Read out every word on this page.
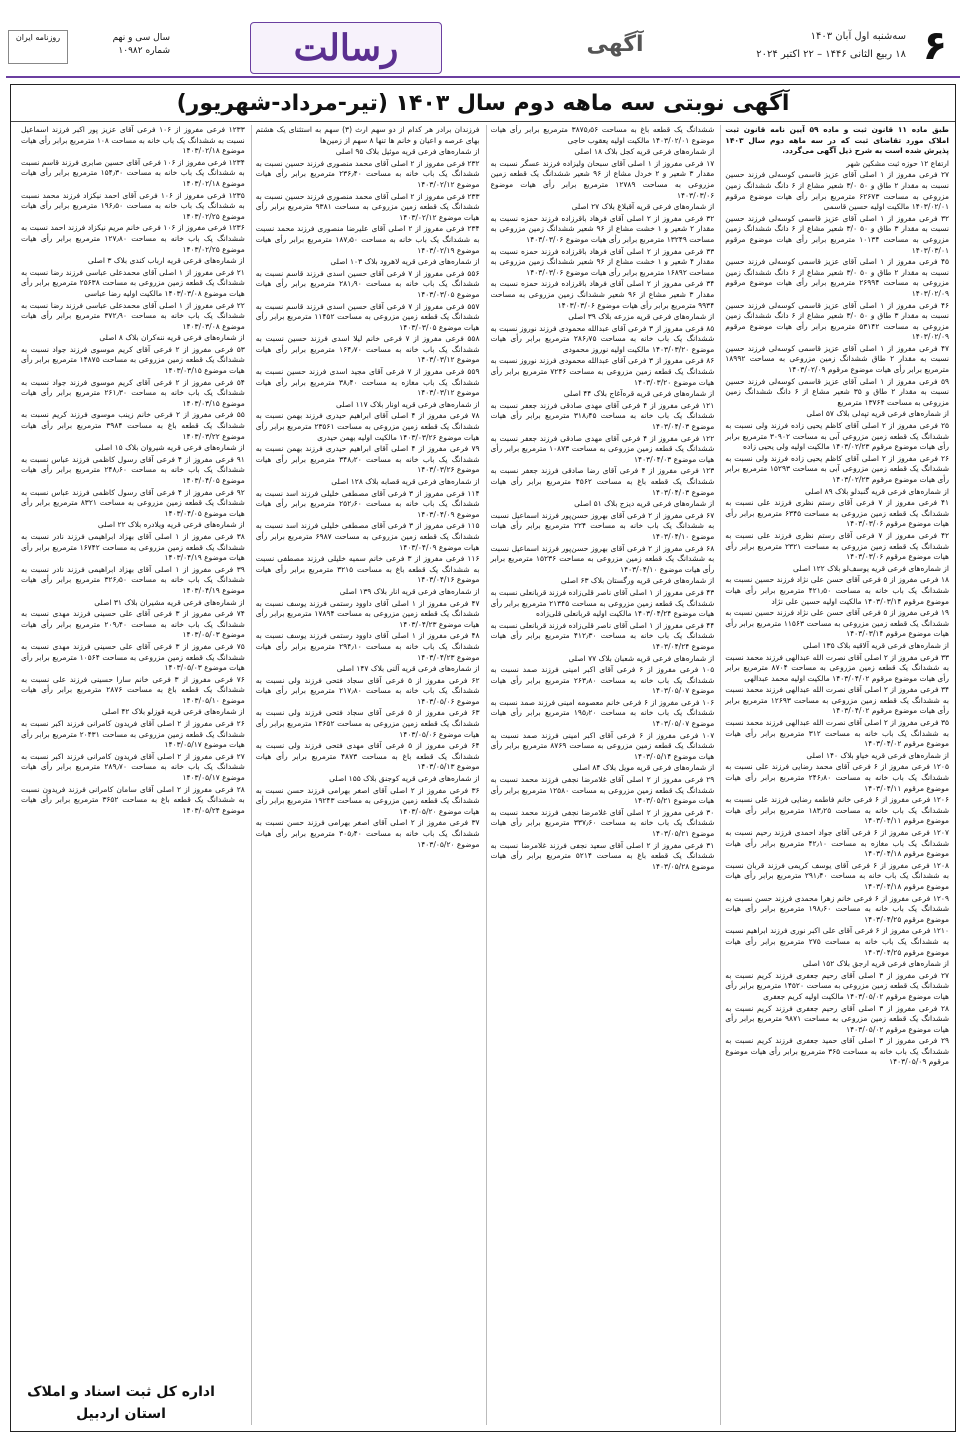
۶
سه‌شنبه اول آبان ۱۴۰۳
۱۸ ربیع الثانی ۱۴۴۶ – ۲۲ اکتبر ۲۰۲۴
آگهی
رسالت
سال سی و نهم
شماره ۱۰۹۸۲
روزنامه ایران
آگهی نوبتی سه ماهه دوم سال ۱۴۰۳ (تیر-مرداد-شهریور)
طبق ماده ۱۱ قانون ثبت و ماده ۵۹ آیین نامه قانون ثبت املاک مورد تقاضای ثبت که در سه ماهه دوم سال ۱۴۰۳ پذیرش شده است به شرح ذیل آگهی می‌گردد.
ارتفاع ۱۲ حوزه ثبت مشکین شهر
۲۷ فرعی مفروز از ۱ اصلی آقای عزیز قاسمی کوسه‌لی فرزند حسین نسبت به مقدار ۲ طاق و ۵۰ ۳/۰ شعیر مشاع از ۶ دانگ ششدانگ زمین مزروعی به مساحت ۶۲۶۷۳ مترمربع برابر رأی هیات موضوع مرقوم ۱۴۰۳/۰۲/۰۱ مالکیت اولیه حسین قاسمی
۳۲ فرعی مفروز از ۱ اصلی آقای عزیز قاسمی کوسه‌لی فرزند حسین نسبت به مقدار ۳ طاق و ۵۰ ۳/۰ شعیر مشاع از ۶ دانگ ششدانگ زمین مزروعی به مساحت ۱۰۱۳۴ مترمربع برابر رأی هیات موضوع مرقوم ۱۴۰۳/۰۳/۰۱
۴۵ فرعی مفروز از ۱ اصلی آقای عزیز قاسمی کوسه‌لی فرزند حسین نسبت به مقدار ۲ طاق و ۵۰ ۳/۰ شعیر مشاع از ۶ دانگ ششدانگ زمین مزروعی به مساحت ۲۶۹۹۴ مترمربع برابر رأی هیات موضوع مرقوم ۱۴۰۳/۰۲/۰۹
۴۶ فرعی مفروز از ۱ اصلی آقای عزیز قاسمی کوسه‌لی فرزند حسین نسبت به مقدار ۳ طاق و ۵۰ ۳/۰ شعیر مشاع از ۶ دانگ ششدانگ زمین مزروعی به مساحت ۵۳۱۴۲ مترمربع برابر رأی هیات موضوع مرقوم ۱۴۰۳/۰۲/۰۹
۴۷ فرعی مفروز از ۱ اصلی آقای عزیز قاسمی کوسه‌لی فرزند حسین نسبت به مقدار ۲ طاق ششدانگ زمین مزروعی به مساحت ۱۸۹۹۲ مترمربع برابر رأی هیات موضوع مرقوم ۱۴۰۳/۰۲/۰۹
۵۹ فرعی مفروز از ۱ اصلی آقای عزیز قاسمی کوسه‌لی فرزند حسین نسبت به مقدار ۲ طاق و ۳۵ شعیر مشاع از ۶ دانگ ششدانگ زمین مزروعی به مساحت ۱۳۷۶۴ مترمربع
از شماره‌های فرعی قریه تپه‌لی بلاک ۵۷ اصلی
۲۵ فرعی مفروز از ۲ اصلی آقای کاظم یحیی زاده فرزند ولی نسبت به ششدانگ یک قطعه زمین مزروعی آبی به مساحت ۳۰۹۰۲ مترمربع برابر رأی هیات موضوع مرقوم ۱۴۰۳/۰۲/۲۳ مالکیت اولیه ولی یحیی زاده
۲۶ فرعی مفروز از ۲ اصلی آقای کاظم یحیی زاده فرزند ولی نسبت به ششدانگ یک قطعه زمین مزروعی آبی به مساحت ۱۵۲۹۳ مترمربع برابر رأی هیات موضوع مرقوم ۱۴۰۳/۰۲/۲۳
از شماره‌های فرعی قریه گنبدلو بلاک ۸۹ اصلی
۴۱ فرعی مفروز از ۷ فرعی آقای رستم نظری فرزند علی نسبت به ششدانگ یک قطعه زمین مزروعی به مساحت ۶۳۴۵ مترمربع برابر رأی هیات موضوع مرقوم ۱۴۰۳/۰۳/۰۶
۴۲ فرعی مفروز از ۷ فرعی آقای رستم نظری فرزند علی نسبت به ششدانگ یک قطعه زمین مزروعی به مساحت ۲۳۲۱ مترمربع برابر رأی هیات موضوع مرقوم ۱۴۰۳/۰۳/۰۶
از شماره‌های فرعی قریه یوسف‌لو بلاک ۱۲۲ اصلی
۱۸ فرعی مفروز از ۵ فرعی آقای حسن علی نژاد فرزند حسین نسبت به ششدانگ یک باب خانه به مساحت ۴۲۱٫۵۰ مترمربع برابر رأی هیات موضوع مرقوم ۱۴۰۳/۰۳/۱۴ مالکیت اولیه حسین علی نژاد
۱۹ فرعی مفروز از ۵ فرعی آقای حسن علی نژاد فرزند حسین نسبت به ششدانگ یک قطعه زمین مزروعی به مساحت ۱۱۵۶۳ مترمربع برابر رأی هیات موضوع مرقوم ۱۴۰۳/۰۳/۱۴
از شماره‌های فرعی قریه آلاقیه بلاک ۱۳۵ اصلی
۳۳ فرعی مفروز از ۲ اصلی آقای نصرت الله عبدالهی فرزند محمد نسبت به ششدانگ یک قطعه زمین مزروعی به مساحت ۸۷۰۴ مترمربع برابر رأی هیات موضوع مرقوم ۱۴۰۳/۰۴/۰۲ مالکیت اولیه محمد عبدالهی
۳۴ فرعی مفروز از ۲ اصلی آقای نصرت الله عبدالهی فرزند محمد نسبت به ششدانگ یک قطعه زمین مزروعی به مساحت ۱۲۶۹۳ مترمربع برابر رأی هیات موضوع مرقوم ۱۴۰۳/۰۴/۰۲
۳۵ فرعی مفروز از ۲ اصلی آقای نصرت الله عبدالهی فرزند محمد نسبت به ششدانگ یک باب خانه به مساحت ۳۱۲ مترمربع برابر رأی هیات موضوع مرقوم ۱۴۰۳/۰۴/۰۲
از شماره‌های فرعی قریه خیاو بلاک ۱۴۰ اصلی
۱۲۰۵ فرعی مفروز از ۶ فرعی آقای محمد رضایی فرزند علی نسبت به ششدانگ یک باب خانه به مساحت ۲۴۶٫۸۰ مترمربع برابر رأی هیات موضوع مرقوم ۱۴۰۳/۰۴/۱۱
۱۲۰۶ فرعی مفروز از ۶ فرعی خانم فاطمه رضایی فرزند علی نسبت به ششدانگ یک باب خانه به مساحت ۱۸۳٫۲۵ مترمربع برابر رأی هیات موضوع مرقوم ۱۴۰۳/۰۴/۱۱
۱۲۰۷ فرعی مفروز از ۶ فرعی آقای جواد احمدی فرزند رحیم نسبت به ششدانگ یک باب مغازه به مساحت ۴۲٫۱۰ مترمربع برابر رأی هیات موضوع مرقوم ۱۴۰۳/۰۴/۱۸
۱۲۰۸ فرعی مفروز از ۶ فرعی آقای یوسف کریمی فرزند قربان نسبت به ششدانگ یک باب خانه به مساحت ۲۹۱٫۴۰ مترمربع برابر رأی هیات موضوع مرقوم ۱۴۰۳/۰۴/۱۸
۱۲۰۹ فرعی مفروز از ۶ فرعی خانم زهرا محمدی فرزند حسن نسبت به ششدانگ یک باب خانه به مساحت ۱۹۸٫۶۰ مترمربع برابر رأی هیات موضوع مرقوم ۱۴۰۳/۰۴/۲۵
۱۲۱۰ فرعی مفروز از ۶ فرعی آقای علی اکبر نوری فرزند ابراهیم نسبت به ششدانگ یک باب خانه به مساحت ۲۷۵ مترمربع برابر رأی هیات موضوع مرقوم ۱۴۰۳/۰۴/۲۵
از شماره‌های فرعی قریه ارجق بلاک ۱۵۲ اصلی
۲۷ فرعی مفروز از ۳ اصلی آقای رحیم جعفری فرزند کریم نسبت به ششدانگ یک قطعه زمین مزروعی به مساحت ۱۴۵۲۰ مترمربع برابر رأی هیات موضوع مرقوم ۱۴۰۳/۰۵/۰۲ مالکیت اولیه کریم جعفری
۲۸ فرعی مفروز از ۳ اصلی آقای رحیم جعفری فرزند کریم نسبت به ششدانگ یک قطعه زمین مزروعی به مساحت ۹۸۷۱ مترمربع برابر رأی هیات موضوع مرقوم ۱۴۰۳/۰۵/۰۲
۲۹ فرعی مفروز از ۳ اصلی آقای حمید جعفری فرزند کریم نسبت به ششدانگ یک باب خانه به مساحت ۳۶۵ مترمربع برابر رأی هیات موضوع مرقوم ۱۴۰۳/۰۵/۰۹
ششدانگ یک قطعه باغ به مساحت ۳۸۷۵٫۵۶ مترمربع برابر رأی هیات موضوع ۱۴۰۳/۰۲/۰۱ مالکیت اولیه یعقوب حاجی
از شماره‌های فرعی قریه کجل بلاک ۱۸ اصلی
۱۷ فرعی مفروز از ۱ اصلی آقای سبحان ولیزاده فرزند عسگر نسبت به مقدار ۳ شعیر و ۲ خردل مشاع از ۹۶ شعیر ششدانگ یک قطعه زمین مزروعی به مساحت ۱۲۷۸۹ مترمربع برابر رأی هیات موضوع ۱۴۰۳/۰۳/۰۶
از شماره‌های فرعی قریه آقبلاغ بلاک ۲۷ اصلی
۳۲ فرعی مفروز از ۲ اصلی آقای فرهاد باقرزاده فرزند حمزه نسبت به مقدار ۲ شعیر و ۱ خشت مشاع از ۹۶ شعیر ششدانگ زمین مزروعی به مساحت ۱۳۲۴۹ مترمربع برابر رأی هیات موضوع ۱۴۰۳/۰۳/۰۶
۳۳ فرعی مفروز از ۲ اصلی آقای فرهاد باقرزاده فرزند حمزه نسبت به مقدار ۴ شعیر و ۱ خشت مشاع از ۹۶ شعیر ششدانگ زمین مزروعی به مساحت ۱۶۸۹۲ مترمربع برابر رأی هیات موضوع ۱۴۰۳/۰۳/۰۶
۳۴ فرعی مفروز از ۲ اصلی آقای فرهاد باقرزاده فرزند حمزه نسبت به مقدار ۳ شعیر مشاع از ۹۶ شعیر ششدانگ زمین مزروعی به مساحت ۹۹۳۴ مترمربع برابر رأی هیات موضوع ۱۴۰۳/۰۳/۰۶
از شماره‌های فرعی قریه مزرعه بلاک ۳۹ اصلی
۸۵ فرعی مفروز از ۳ فرعی آقای عبدالله محمودی فرزند نوروز نسبت به ششدانگ یک باب خانه به مساحت ۲۸۶٫۷۵ مترمربع برابر رأی هیات موضوع ۱۴۰۳/۰۳/۲۰ مالکیت اولیه نوروز محمودی
۸۶ فرعی مفروز از ۳ فرعی آقای عبدالله محمودی فرزند نوروز نسبت به ششدانگ یک قطعه زمین مزروعی به مساحت ۷۲۴۶ مترمربع برابر رأی هیات موضوع ۱۴۰۳/۰۳/۲۰
از شماره‌های فرعی قریه قره‌آغاج بلاک ۴۴ اصلی
۱۲۱ فرعی مفروز از ۴ فرعی آقای مهدی صادقی فرزند جعفر نسبت به ششدانگ یک باب خانه به مساحت ۳۱۸٫۴۵ مترمربع برابر رأی هیات موضوع ۱۴۰۳/۰۴/۰۳
۱۲۲ فرعی مفروز از ۴ فرعی آقای مهدی صادقی فرزند جعفر نسبت به ششدانگ یک قطعه زمین مزروعی به مساحت ۱۰۸۷۳ مترمربع برابر رأی هیات موضوع ۱۴۰۳/۰۴/۰۳
۱۲۳ فرعی مفروز از ۴ فرعی آقای رضا صادقی فرزند جعفر نسبت به ششدانگ یک قطعه باغ به مساحت ۴۵۶۲ مترمربع برابر رأی هیات موضوع ۱۴۰۳/۰۴/۰۳
از شماره‌های فرعی قریه دیزج بلاک ۵۱ اصلی
۶۷ فرعی مفروز از ۲ فرعی آقای بهروز حسن‌پور فرزند اسماعیل نسبت به ششدانگ یک باب خانه به مساحت ۲۲۴ مترمربع برابر رأی هیات موضوع ۱۴۰۳/۰۴/۱۰
۶۸ فرعی مفروز از ۲ فرعی آقای بهروز حسن‌پور فرزند اسماعیل نسبت به ششدانگ یک قطعه زمین مزروعی به مساحت ۱۵۲۳۶ مترمربع برابر رأی هیات موضوع ۱۴۰۳/۰۴/۱۰
از شماره‌های فرعی قریه ورگستان بلاک ۶۳ اصلی
۴۳ فرعی مفروز از ۱ اصلی آقای ناصر قلی‌زاده فرزند قربانعلی نسبت به ششدانگ یک قطعه زمین مزروعی به مساحت ۲۱۳۴۵ مترمربع برابر رأی هیات موضوع ۱۴۰۳/۰۴/۲۴ مالکیت اولیه قربانعلی قلی‌زاده
۴۴ فرعی مفروز از ۱ اصلی آقای ناصر قلی‌زاده فرزند قربانعلی نسبت به ششدانگ یک باب خانه به مساحت ۴۱۲٫۳۰ مترمربع برابر رأی هیات موضوع ۱۴۰۳/۰۴/۲۴
از شماره‌های فرعی قریه شعبان بلاک ۷۷ اصلی
۱۰۵ فرعی مفروز از ۶ فرعی آقای اکبر امینی فرزند صمد نسبت به ششدانگ یک باب خانه به مساحت ۲۶۳٫۸۰ مترمربع برابر رأی هیات موضوع ۱۴۰۳/۰۵/۰۷
۱۰۶ فرعی مفروز از ۶ فرعی خانم معصومه امینی فرزند صمد نسبت به ششدانگ یک باب خانه به مساحت ۱۹۵٫۲۰ مترمربع برابر رأی هیات موضوع ۱۴۰۳/۰۵/۰۷
۱۰۷ فرعی مفروز از ۶ فرعی آقای اکبر امینی فرزند صمد نسبت به ششدانگ یک قطعه زمین مزروعی به مساحت ۸۷۶۹ مترمربع برابر رأی هیات موضوع ۱۴۰۳/۰۵/۱۴
از شماره‌های فرعی قریه مویل بلاک ۸۴ اصلی
۲۹ فرعی مفروز از ۲ اصلی آقای غلامرضا نجفی فرزند محمد نسبت به ششدانگ یک قطعه زمین مزروعی به مساحت ۱۲۵۸۰ مترمربع برابر رأی هیات موضوع ۱۴۰۳/۰۵/۲۱
۳۰ فرعی مفروز از ۲ اصلی آقای غلامرضا نجفی فرزند محمد نسبت به ششدانگ یک باب خانه به مساحت ۳۳۷٫۶۰ مترمربع برابر رأی هیات موضوع ۱۴۰۳/۰۵/۲۱
۳۱ فرعی مفروز از ۲ اصلی آقای سعید نجفی فرزند غلامرضا نسبت به ششدانگ یک قطعه باغ به مساحت ۵۲۱۴ مترمربع برابر رأی هیات موضوع ۱۴۰۳/۰۵/۲۸
فرزندان برادر هر کدام از دو سهم ارث (۳) سهم به استثنای یک هشتم بهای عرصه و اعیان و خانم ها تنها ۸ سهم از زمین‌ها
از شماره‌های فرعی قریه موئیل بلاک ۹۵ اصلی
۲۳۲ فرعی مفروز از ۲ اصلی آقای محمد منصوری فرزند حسین نسبت به ششدانگ یک باب خانه به مساحت ۲۳۶٫۴۰ مترمربع برابر رأی هیات موضوع ۱۴۰۳/۰۲/۱۲
۲۳۳ فرعی مفروز از ۲ اصلی آقای محمد منصوری فرزند حسین نسبت به ششدانگ یک قطعه زمین مزروعی به مساحت ۹۳۸۱ مترمربع برابر رأی هیات موضوع ۱۴۰۳/۰۲/۱۲
۲۳۴ فرعی مفروز از ۲ اصلی آقای علیرضا منصوری فرزند محمد نسبت به ششدانگ یک باب خانه به مساحت ۱۸۷٫۵۰ مترمربع برابر رأی هیات موضوع ۱۴۰۳/۰۲/۱۹
از شماره‌های فرعی قریه لاهرود بلاک ۱۰۳ اصلی
۵۵۶ فرعی مفروز از ۷ فرعی آقای حسین اسدی فرزند قاسم نسبت به ششدانگ یک باب خانه به مساحت ۲۸۱٫۹۰ مترمربع برابر رأی هیات موضوع ۱۴۰۳/۰۳/۰۵
۵۵۷ فرعی مفروز از ۷ فرعی آقای حسین اسدی فرزند قاسم نسبت به ششدانگ یک قطعه زمین مزروعی به مساحت ۱۱۴۵۲ مترمربع برابر رأی هیات موضوع ۱۴۰۳/۰۳/۰۵
۵۵۸ فرعی مفروز از ۷ فرعی خانم لیلا اسدی فرزند حسین نسبت به ششدانگ یک باب خانه به مساحت ۱۶۴٫۷۰ مترمربع برابر رأی هیات موضوع ۱۴۰۳/۰۳/۱۲
۵۵۹ فرعی مفروز از ۷ فرعی آقای مجید اسدی فرزند حسین نسبت به ششدانگ یک باب مغازه به مساحت ۳۸٫۴۰ مترمربع برابر رأی هیات موضوع ۱۴۰۳/۰۳/۱۲
از شماره‌های فرعی قریه اونار بلاک ۱۱۷ اصلی
۷۸ فرعی مفروز از ۴ اصلی آقای ابراهیم حیدری فرزند بهمن نسبت به ششدانگ یک قطعه زمین مزروعی به مساحت ۲۳۵۶۱ مترمربع برابر رأی هیات موضوع ۱۴۰۳/۰۳/۲۶ مالکیت اولیه بهمن حیدری
۷۹ فرعی مفروز از ۴ اصلی آقای ابراهیم حیدری فرزند بهمن نسبت به ششدانگ یک باب خانه به مساحت ۳۴۸٫۲۰ مترمربع برابر رأی هیات موضوع ۱۴۰۳/۰۳/۲۶
از شماره‌های فرعی قریه قصابه بلاک ۱۲۸ اصلی
۱۱۴ فرعی مفروز از ۳ فرعی آقای مصطفی خلیلی فرزند اسد نسبت به ششدانگ یک باب خانه به مساحت ۲۵۲٫۶۰ مترمربع برابر رأی هیات موضوع ۱۴۰۳/۰۴/۰۹
۱۱۵ فرعی مفروز از ۳ فرعی آقای مصطفی خلیلی فرزند اسد نسبت به ششدانگ یک قطعه زمین مزروعی به مساحت ۶۹۸۷ مترمربع برابر رأی هیات موضوع ۱۴۰۳/۰۴/۰۹
۱۱۶ فرعی مفروز از ۳ فرعی خانم سمیه خلیلی فرزند مصطفی نسبت به ششدانگ یک قطعه باغ به مساحت ۳۲۱۵ مترمربع برابر رأی هیات موضوع ۱۴۰۳/۰۴/۱۶
از شماره‌های فرعی قریه انار بلاک ۱۳۹ اصلی
۴۷ فرعی مفروز از ۱ اصلی آقای داوود رستمی فرزند یوسف نسبت به ششدانگ یک قطعه زمین مزروعی به مساحت ۱۷۸۹۴ مترمربع برابر رأی هیات موضوع ۱۴۰۳/۰۴/۲۳
۴۸ فرعی مفروز از ۱ اصلی آقای داوود رستمی فرزند یوسف نسبت به ششدانگ یک باب خانه به مساحت ۲۹۴٫۱۰ مترمربع برابر رأی هیات موضوع ۱۴۰۳/۰۴/۲۳
از شماره‌های فرعی قریه آلنی بلاک ۱۴۷ اصلی
۶۲ فرعی مفروز از ۵ فرعی آقای سجاد فتحی فرزند ولی نسبت به ششدانگ یک باب خانه به مساحت ۲۱۷٫۸۰ مترمربع برابر رأی هیات موضوع ۱۴۰۳/۰۵/۰۶
۶۳ فرعی مفروز از ۵ فرعی آقای سجاد فتحی فرزند ولی نسبت به ششدانگ یک قطعه زمین مزروعی به مساحت ۱۳۶۵۲ مترمربع برابر رأی هیات موضوع ۱۴۰۳/۰۵/۰۶
۶۴ فرعی مفروز از ۵ فرعی آقای مهدی فتحی فرزند ولی نسبت به ششدانگ یک قطعه باغ به مساحت ۴۸۷۳ مترمربع برابر رأی هیات موضوع ۱۴۰۳/۰۵/۱۳
از شماره‌های فرعی قریه کوجنق بلاک ۱۵۵ اصلی
۳۶ فرعی مفروز از ۲ اصلی آقای اصغر بهرامی فرزند حسن نسبت به ششدانگ یک قطعه زمین مزروعی به مساحت ۱۹۲۴۳ مترمربع برابر رأی هیات موضوع ۱۴۰۳/۰۵/۲۰
۳۷ فرعی مفروز از ۲ اصلی آقای اصغر بهرامی فرزند حسن نسبت به ششدانگ یک باب خانه به مساحت ۳۰۵٫۴۰ مترمربع برابر رأی هیات موضوع ۱۴۰۳/۰۵/۲۰
۱۲۳۳ فرعی مفروز از ۱۰۶ فرعی آقای عزیز پور اکبر فرزند اسماعیل نسبت به ششدانگ یک باب خانه به مساحت ۱۰۸ مترمربع برابر رأی هیات موضوع ۱۴۰۳/۰۲/۱۸
۱۲۳۴ فرعی مفروز از ۱۰۶ فرعی آقای حسین صابری فرزند قاسم نسبت به ششدانگ یک باب خانه به مساحت ۱۵۴٫۳۰ مترمربع برابر رأی هیات موضوع ۱۴۰۳/۰۲/۱۸
۱۲۳۵ فرعی مفروز از ۱۰۶ فرعی آقای احمد نیکزاد فرزند محمد نسبت به ششدانگ یک باب خانه به مساحت ۱۹۶٫۵۰ مترمربع برابر رأی هیات موضوع ۱۴۰۳/۰۲/۲۵
۱۲۳۶ فرعی مفروز از ۱۰۶ فرعی خانم مریم نیکزاد فرزند احمد نسبت به ششدانگ یک باب خانه به مساحت ۱۲۷٫۸۰ مترمربع برابر رأی هیات موضوع ۱۴۰۳/۰۲/۲۵
از شماره‌های فرعی قریه ارباب کندی بلاک ۳ اصلی
۲۱ فرعی مفروز از ۱ اصلی آقای محمدعلی عباسی فرزند رضا نسبت به ششدانگ یک قطعه زمین مزروعی به مساحت ۲۵۶۳۸ مترمربع برابر رأی هیات موضوع ۱۴۰۳/۰۳/۰۸ مالکیت اولیه رضا عباسی
۲۲ فرعی مفروز از ۱ اصلی آقای محمدعلی عباسی فرزند رضا نسبت به ششدانگ یک باب خانه به مساحت ۳۷۲٫۹۰ مترمربع برابر رأی هیات موضوع ۱۴۰۳/۰۳/۰۸
از شماره‌های فرعی قریه ننه‌کران بلاک ۸ اصلی
۵۳ فرعی مفروز از ۲ فرعی آقای کریم موسوی فرزند جواد نسبت به ششدانگ یک قطعه زمین مزروعی به مساحت ۱۴۸۷۵ مترمربع برابر رأی هیات موضوع ۱۴۰۳/۰۳/۱۵
۵۴ فرعی مفروز از ۲ فرعی آقای کریم موسوی فرزند جواد نسبت به ششدانگ یک باب خانه به مساحت ۲۶۱٫۳۰ مترمربع برابر رأی هیات موضوع ۱۴۰۳/۰۳/۱۵
۵۵ فرعی مفروز از ۲ فرعی خانم زینب موسوی فرزند کریم نسبت به ششدانگ یک قطعه باغ به مساحت ۳۹۸۴ مترمربع برابر رأی هیات موضوع ۱۴۰۳/۰۳/۲۲
از شماره‌های فرعی قریه شیروان بلاک ۱۵ اصلی
۹۱ فرعی مفروز از ۴ فرعی آقای رسول کاظمی فرزند عباس نسبت به ششدانگ یک باب خانه به مساحت ۲۴۸٫۶۰ مترمربع برابر رأی هیات موضوع ۱۴۰۳/۰۴/۰۵
۹۲ فرعی مفروز از ۴ فرعی آقای رسول کاظمی فرزند عباس نسبت به ششدانگ یک قطعه زمین مزروعی به مساحت ۸۳۲۱ مترمربع برابر رأی هیات موضوع ۱۴۰۳/۰۴/۰۵
از شماره‌های فرعی قریه ویلادره بلاک ۲۲ اصلی
۳۸ فرعی مفروز از ۱ اصلی آقای بهزاد ابراهیمی فرزند نادر نسبت به ششدانگ یک قطعه زمین مزروعی به مساحت ۱۶۷۴۲ مترمربع برابر رأی هیات موضوع ۱۴۰۳/۰۴/۱۹
۳۹ فرعی مفروز از ۱ اصلی آقای بهزاد ابراهیمی فرزند نادر نسبت به ششدانگ یک باب خانه به مساحت ۳۲۶٫۵۰ مترمربع برابر رأی هیات موضوع ۱۴۰۳/۰۴/۱۹
از شماره‌های فرعی قریه مشیران بلاک ۳۱ اصلی
۷۴ فرعی مفروز از ۳ فرعی آقای علی حسینی فرزند مهدی نسبت به ششدانگ یک باب خانه به مساحت ۲۰۹٫۴۰ مترمربع برابر رأی هیات موضوع ۱۴۰۳/۰۵/۰۳
۷۵ فرعی مفروز از ۳ فرعی آقای علی حسینی فرزند مهدی نسبت به ششدانگ یک قطعه زمین مزروعی به مساحت ۱۰۵۶۴ مترمربع برابر رأی هیات موضوع ۱۴۰۳/۰۵/۰۳
۷۶ فرعی مفروز از ۳ فرعی خانم سارا حسینی فرزند علی نسبت به ششدانگ یک قطعه باغ به مساحت ۲۸۷۶ مترمربع برابر رأی هیات موضوع ۱۴۰۳/۰۵/۱۰
از شماره‌های فرعی قریه قوزلو بلاک ۴۲ اصلی
۲۶ فرعی مفروز از ۲ اصلی آقای فریدون کامرانی فرزند اکبر نسبت به ششدانگ یک قطعه زمین مزروعی به مساحت ۲۰۴۳۱ مترمربع برابر رأی هیات موضوع ۱۴۰۳/۰۵/۱۷
۲۷ فرعی مفروز از ۲ اصلی آقای فریدون کامرانی فرزند اکبر نسبت به ششدانگ یک باب خانه به مساحت ۲۸۹٫۷۰ مترمربع برابر رأی هیات موضوع ۱۴۰۳/۰۵/۱۷
۲۸ فرعی مفروز از ۲ اصلی آقای سامان کامرانی فرزند فریدون نسبت به ششدانگ یک قطعه باغ به مساحت ۳۶۵۲ مترمربع برابر رأی هیات موضوع ۱۴۰۳/۰۵/۲۴
اداره کل ثبت اسناد و املاک
استان اردبیل
